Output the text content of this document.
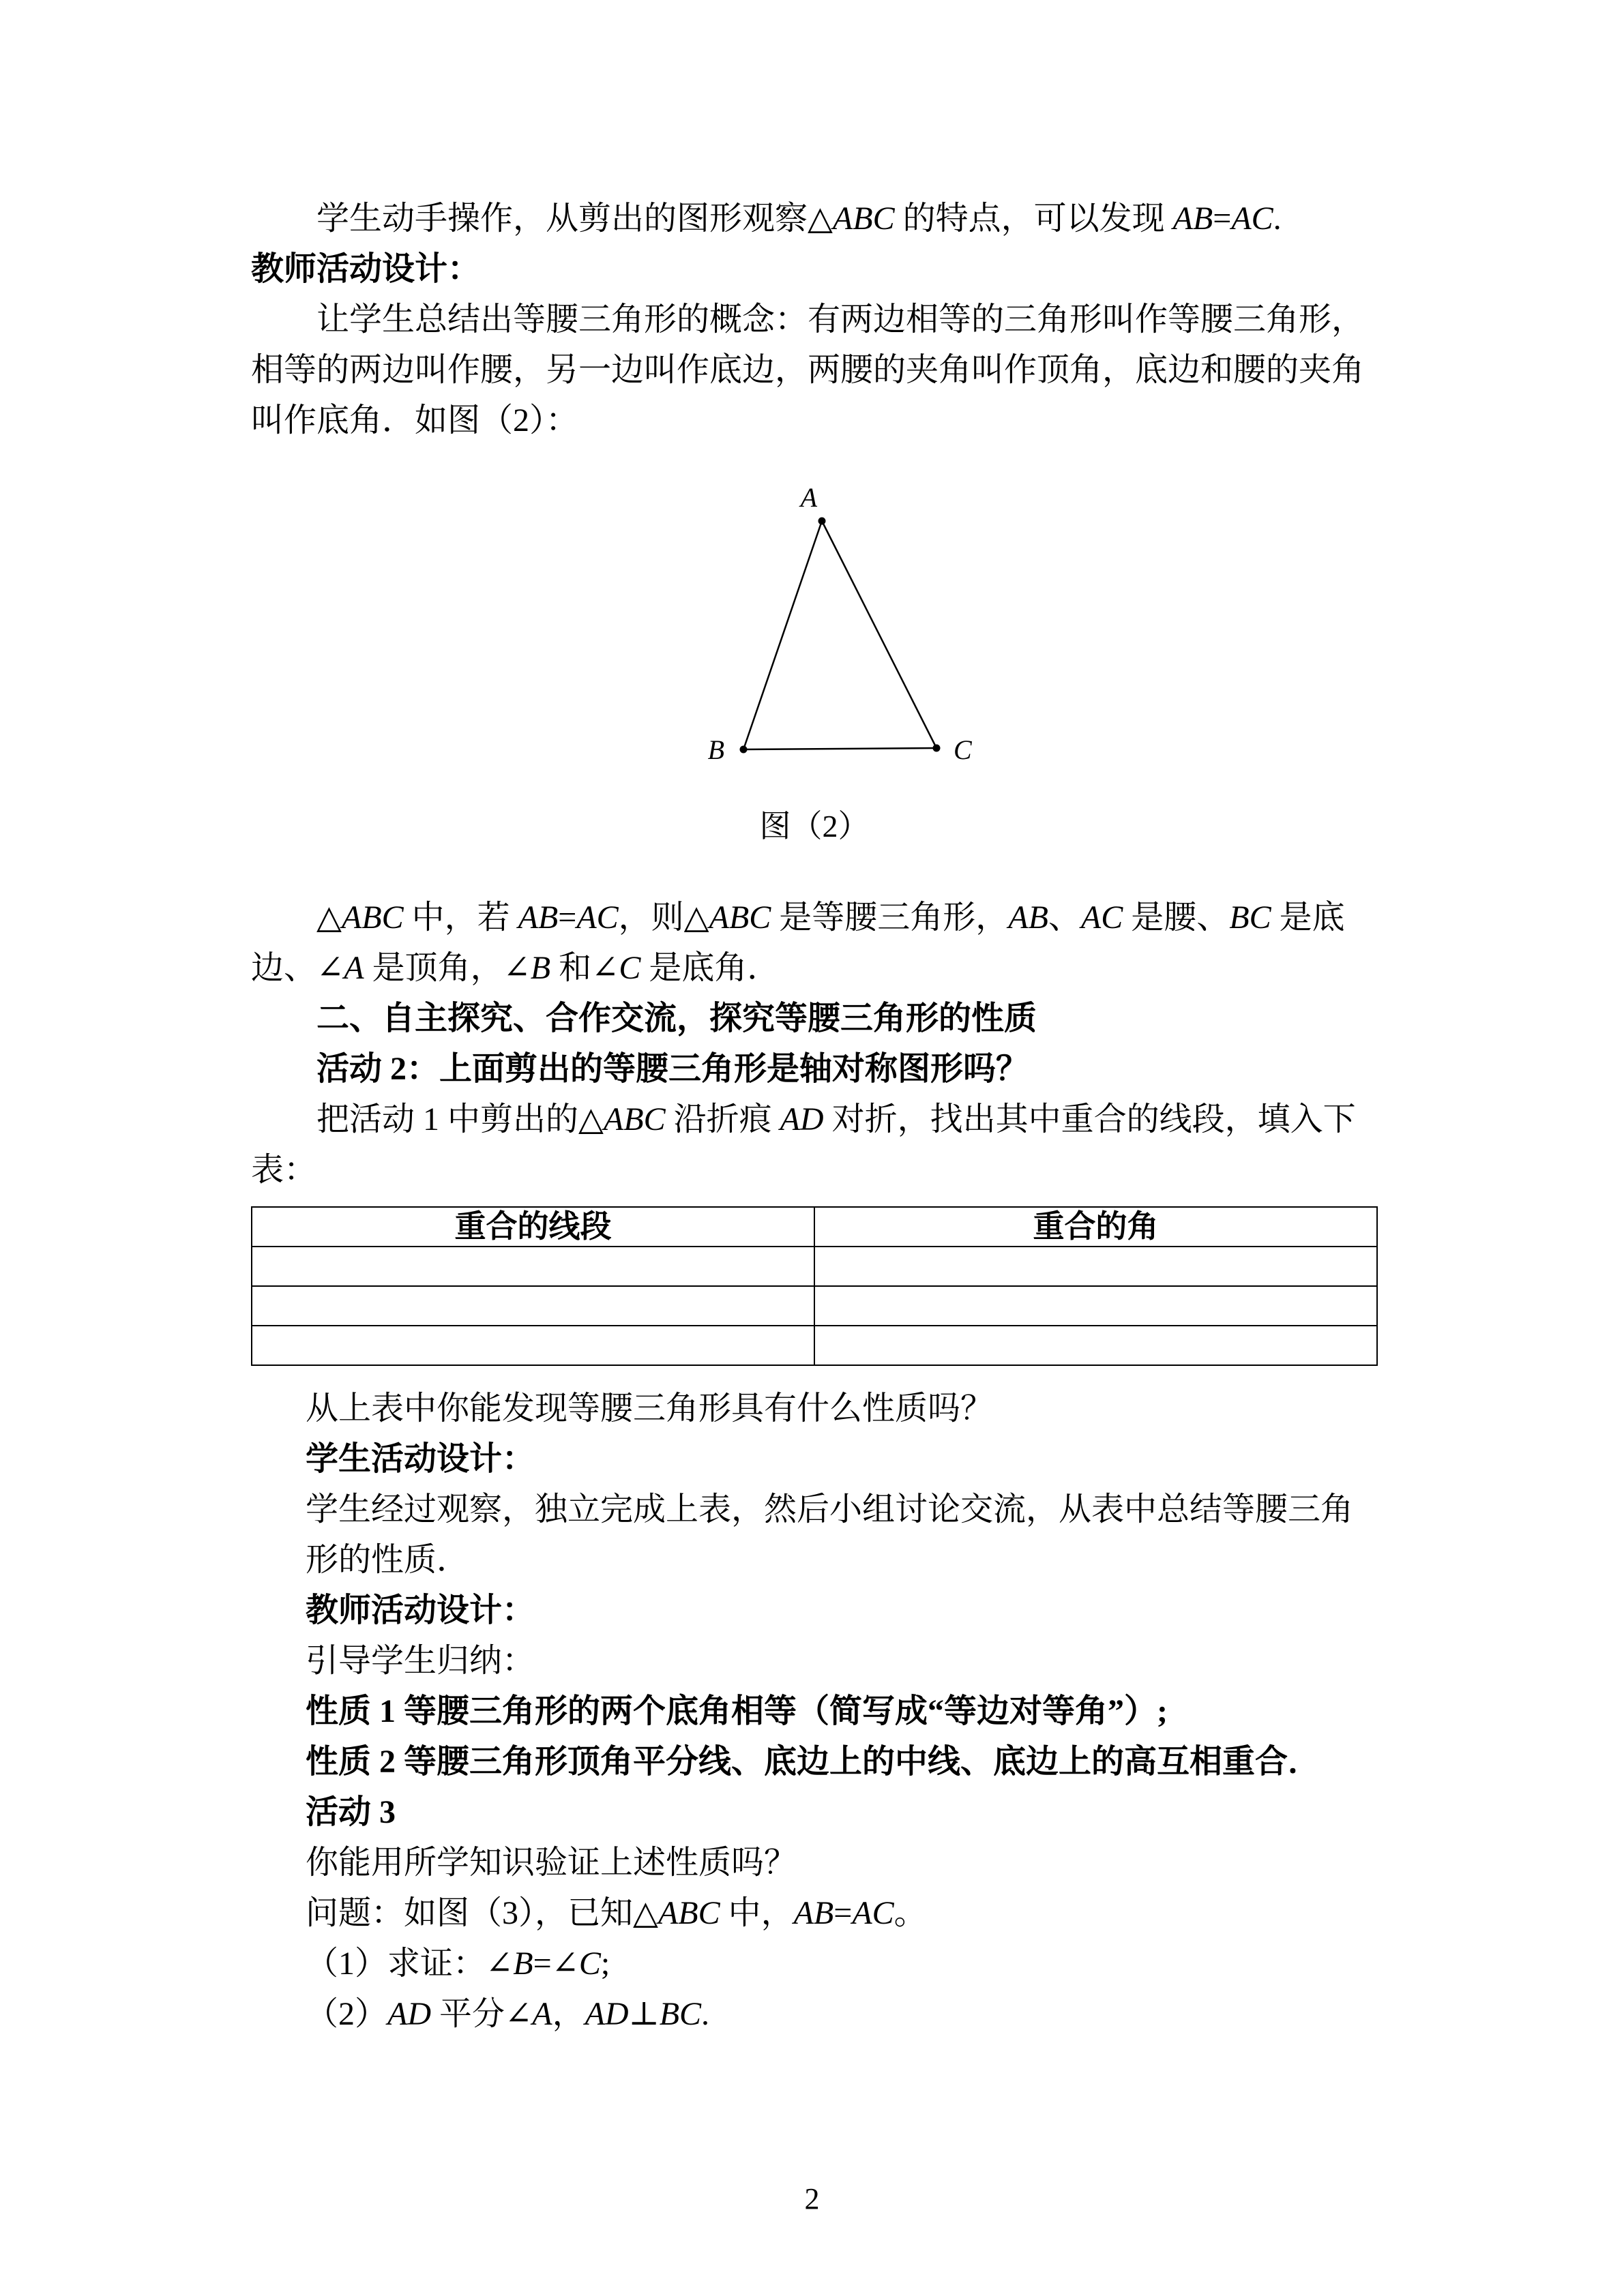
学生动手操作，从剪出的图形观察△ABC 的特点，可以发现 AB=AC.
教师活动设计：
让学生总结出等腰三角形的概念：有两边相等的三角形叫作等腰三角形，
相等的两边叫作腰，另一边叫作底边，两腰的夹角叫作顶角，底边和腰的夹角
叫作底角．如图（2）：
A
B	C
图（2）
△ABC 中，若 AB=AC，则△ABC 是等腰三角形，AB、AC 是腰、BC 是底
边、∠A 是顶角，∠B 和∠C 是底角．
二、自主探究、合作交流，探究等腰三角形的性质
活动 2：上面剪出的等腰三角形是轴对称图形吗？
把活动 1 中剪出的△ABC 沿折痕 AD 对折，找出其中重合的线段，填入下
表：
重合的线段	重合的角

从上表中你能发现等腰三角形具有什么性质吗？
学生活动设计：
学生经过观察，独立完成上表，然后小组讨论交流，从表中总结等腰三角
形的性质．
教师活动设计：
引导学生归纳：
性质 1 等腰三角形的两个底角相等（简写成“等边对等角”）;
性质 2 等腰三角形顶角平分线、底边上的中线、底边上的高互相重合．
活动 3
你能用所学知识验证上述性质吗？
问题：如图（3），已知△ABC 中，AB=AC。
（1）求证：∠B=∠C;
（2）AD 平分∠A，AD⊥BC.
2
